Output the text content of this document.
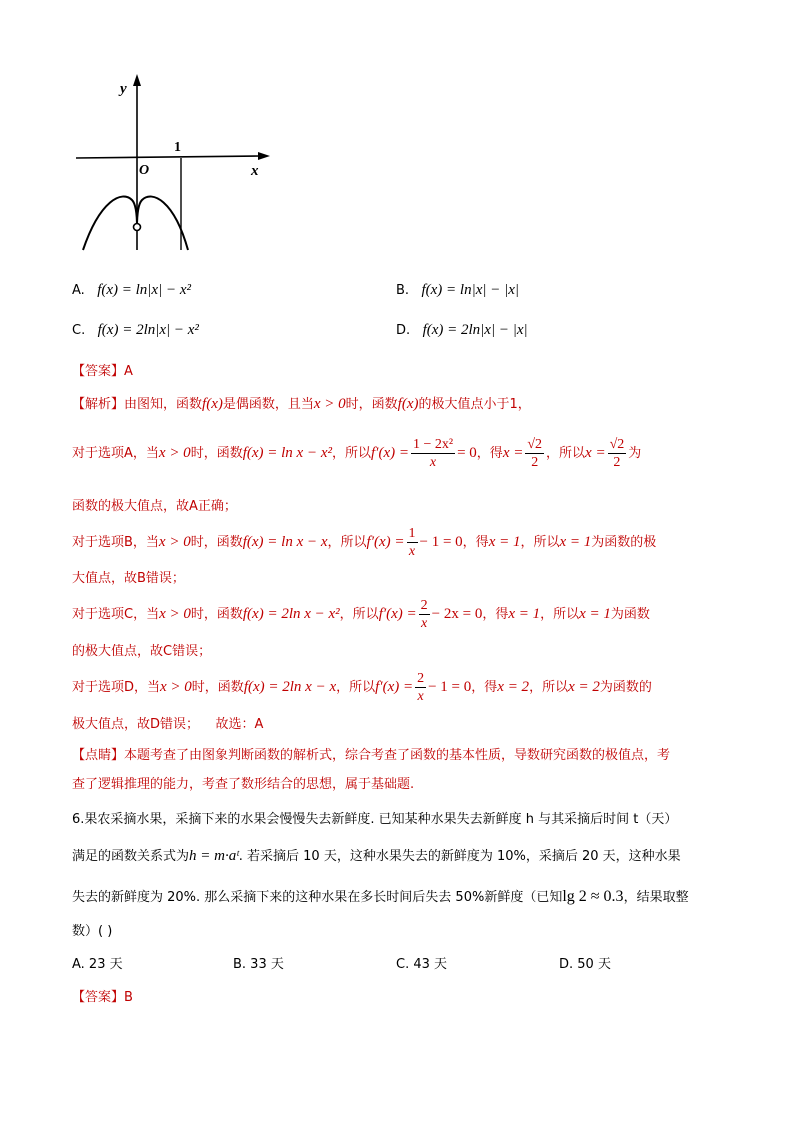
y
O
1
x
A. f(x) = ln|x| − x²	B. f(x) = ln|x| − |x|
C. f(x) = 2ln|x| − x²	D. f(x) = 2ln|x| − |x|
【答案】A
【解析】由图知，函数f(x)是偶函数，且当x > 0时，函数f(x)的极大值点小于1，
对于选项A，当x > 0时，函数f(x) = ln x − x²，所以$f'(x) = \frac{\text{1 − 2x²}}{x} = 0$，得$x = \frac{√2}{2}$ ，所以$x = \frac{√2}{2}$ 为
函数的极大值点，故A正确；
对于选项B，当x > 0时，函数f(x) = ln x − x，所以$f'(x) = \frac{1}{x} - 1 = 0$，得x = 1，所以x = 1为函数的极
大值点，故B错误；
对于选项C，当x > 0时，函数f(x) = 2ln x − x²，所以$f'(x) = \frac{2}{x} - 2x = 0$，得x = 1，所以x = 1为函数
的极大值点，故C错误；
对于选项D，当x > 0时，函数f(x) = 2ln x − x，所以$f'(x) = \frac{2}{x} - 1 = 0$，得x = 2，所以x = 2为函数的
极大值点，故D错误； 故选：A
【点睛】本题考查了由图象判断函数的解析式，综合考查了函数的基本性质，导数研究函数的极值点，考
查了逻辑推理的能力，考查了数形结合的思想，属于基础题.
6.果农采摘水果，采摘下来的水果会慢慢失去新鲜度. 已知某种水果失去新鲜度 h 与其采摘后时间 t（天）
满足的函数关系式为h = m·aᵗ. 若采摘后 10 天，这种水果失去的新鲜度为 10%，采摘后 20 天，这种水果
失去的新鲜度为 20%. 那么采摘下来的这种水果在多长时间后失去 50%新鲜度（已知lg 2 ≈ 0.3，结果取整
数）( )
A. 23 天	B. 33 天	C. 43 天	D. 50 天
【答案】B
